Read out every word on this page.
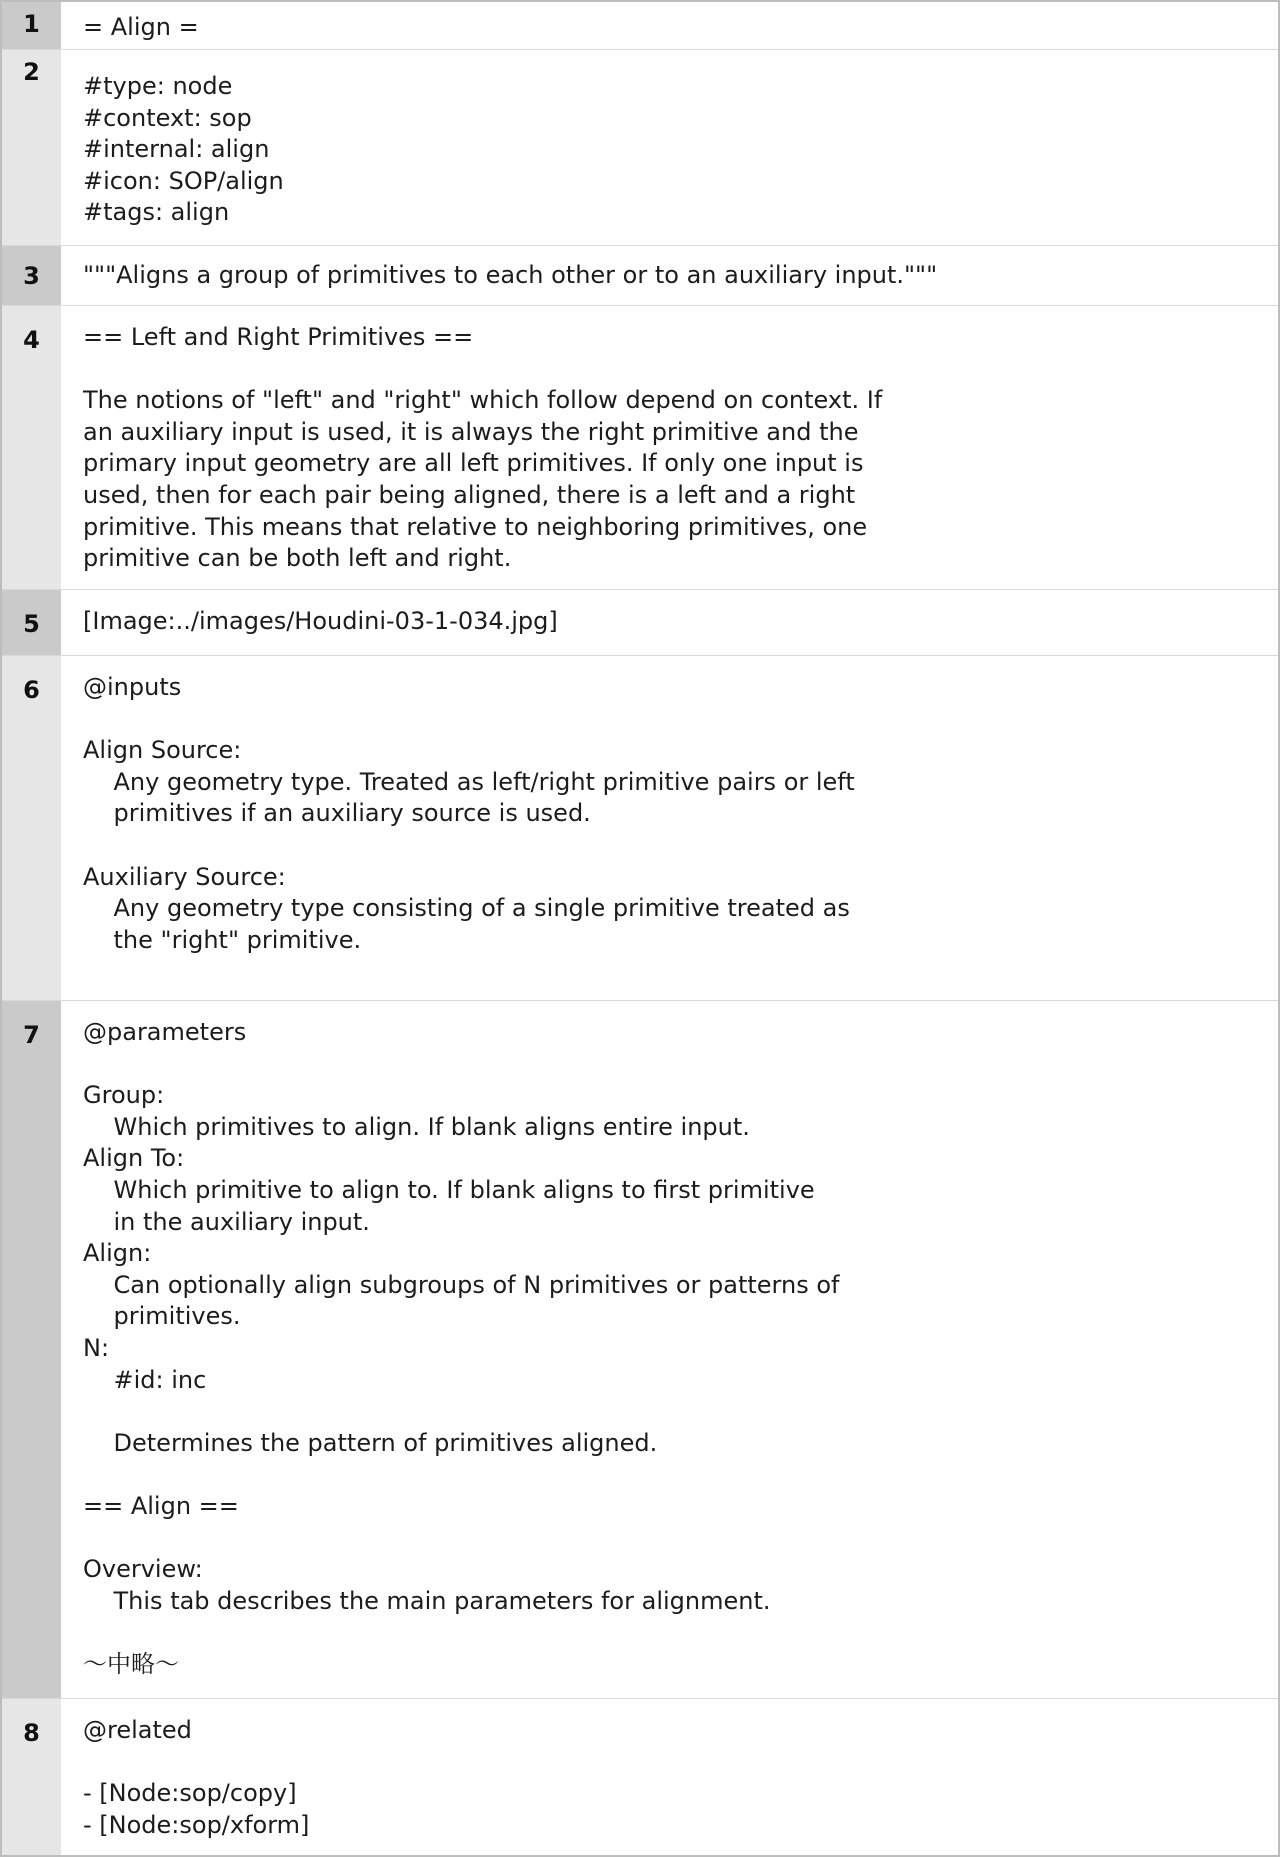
1	= Align =
2	#type: node
#context: sop
#internal: align
#icon: SOP/align
#tags: align
3	"""Aligns a group of primitives to each other or to an auxiliary input."""
4	== Left and Right Primitives ==

The notions of "left" and "right" which follow depend on context. If
an auxiliary input is used, it is always the right primitive and the
primary input geometry are all left primitives. If only one input is
used, then for each pair being aligned, there is a left and a right
primitive. This means that relative to neighboring primitives, one
primitive can be both left and right.
5	[Image:../images/Houdini-03-1-034.jpg]
6	@inputs

Align Source:
Any geometry type. Treated as left/right primitive pairs or left
primitives if an auxiliary source is used.

Auxiliary Source:
Any geometry type consisting of a single primitive treated as
the "right" primitive.
7	@parameters

Group:
Which primitives to align. If blank aligns entire input.
Align To:
Which primitive to align to. If blank aligns to first primitive
in the auxiliary input.
Align:
Can optionally align subgroups of N primitives or patterns of
primitives.
N:
#id: inc

Determines the pattern of primitives aligned.

== Align ==

Overview:
This tab describes the main parameters for alignment.

～中略～
8	@related

- [Node:sop/copy]
- [Node:sop/xform]
